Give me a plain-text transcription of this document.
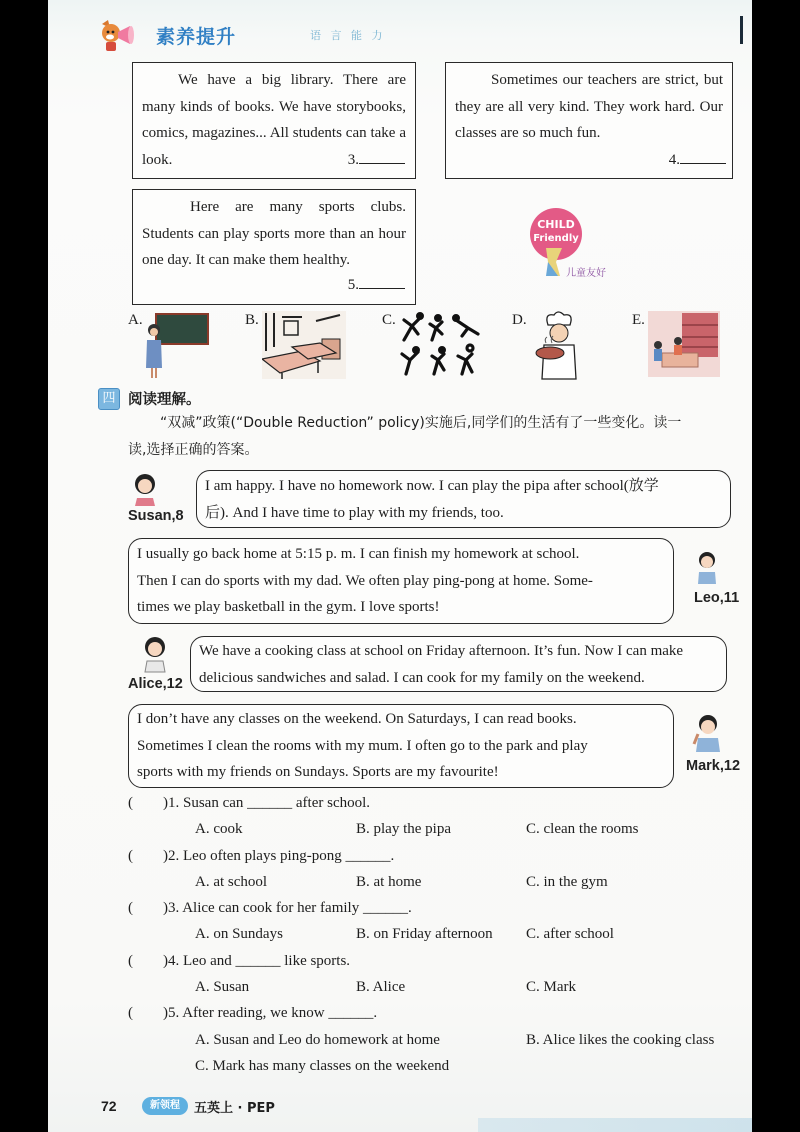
素养提升	语 言 能 力

We have a big library. There are many kinds of books. We have storybooks, comics, magazines... All students can take a look.	3.

Sometimes our teachers are strict, but they are all very kind. They work hard. Our classes are so much fun.

4.

Here are many sports clubs. Students can play sports more than an hour one day. It can make them healthy.

5.
CHILD
Friendly
儿童友好
A.	B.	C.	D.	E.
四 阅读理解。
“双减”政策(“Double Reduction” policy)实施后,同学们的生活有了一些变化。读一
读,选择正确的答案。
Susan,8
I am happy. I have no homework now. I can play the pipa after school(放学
后). And I have time to play with my friends, too.
I usually go back home at 5:15 p. m. I can finish my homework at school.
Then I can do sports with my dad. We often play ping-pong at home. Some-
times we play basketball in the gym. I love sports!
Leo,11
Alice,12
We have a cooking class at school on Friday afternoon. It’s fun. Now I can make
delicious sandwiches and salad. I can cook for my family on the weekend.
I don’t have any classes on the weekend. On Saturdays, I can read books.
Sometimes I clean the rooms with my mum. I often go to the park and play
sports with my friends on Sundays. Sports are my favourite!	Mark,12
(　　)1. Susan can ______ after school.
A. cook	B. play the pipa	C. clean the rooms
(　　)2. Leo often plays ping-pong ______.
A. at school	B. at home	C. in the gym
(　　)3. Alice can cook for her family ______.
A. on Sundays	B. on Friday afternoon C. after school
(　　)4. Leo and ______ like sports.
A. Susan	B. Alice	C. Mark
(　　)5. After reading, we know ______.
A. Susan and Leo do homework at home	B. Alice likes the cooking class
C. Mark has many classes on the weekend
72	新领程	五英上 · PEP
